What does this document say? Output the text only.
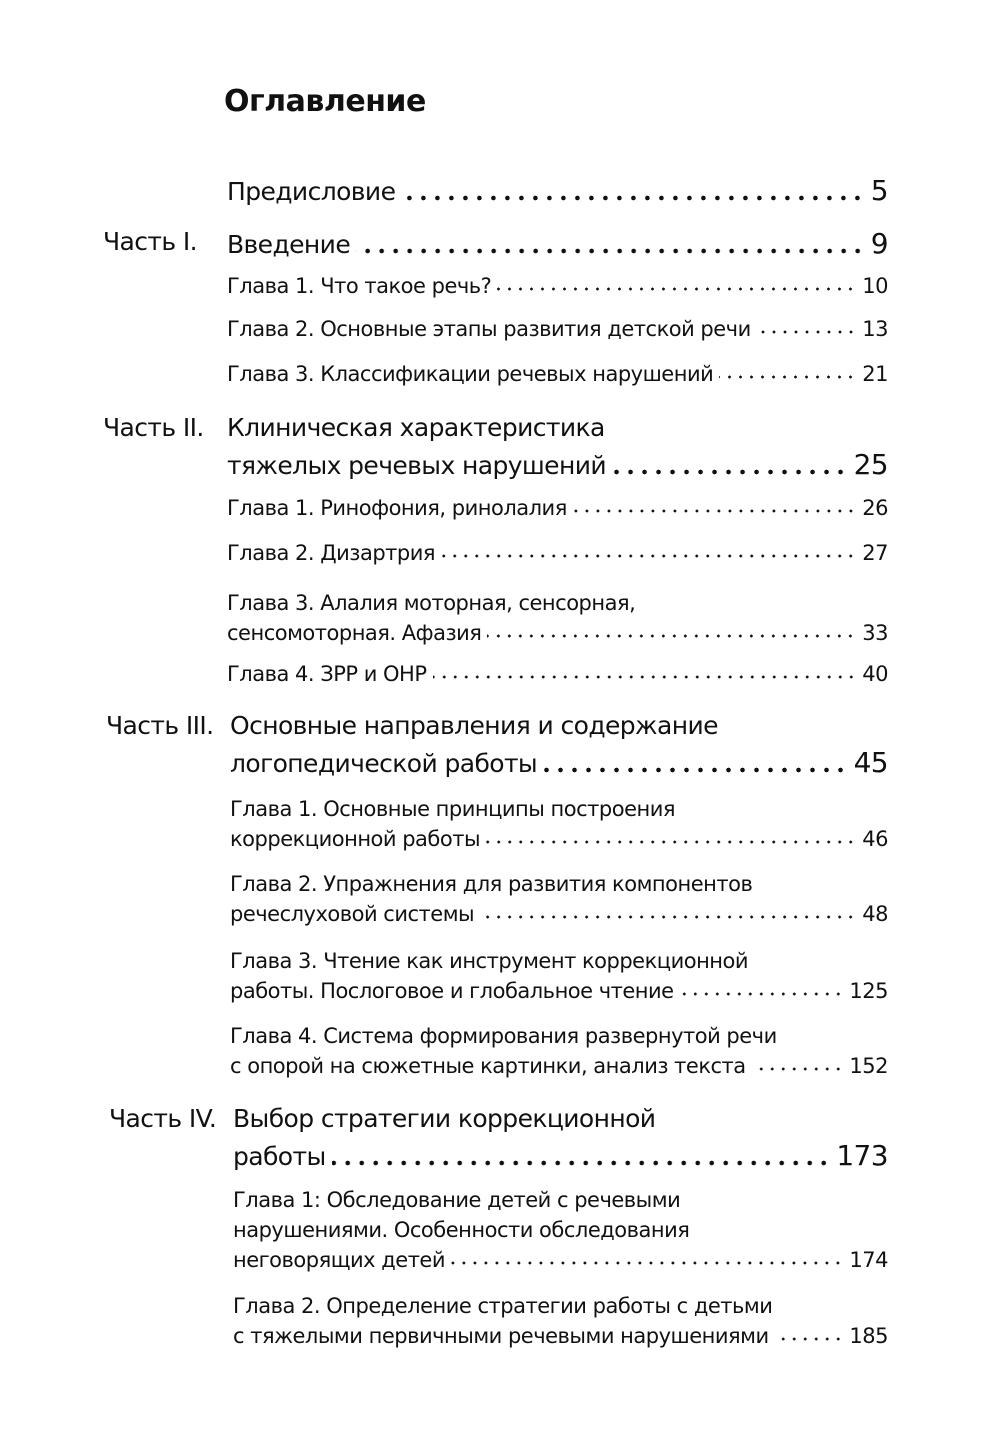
Оглавление
Предисловие	5
Часть I. Введение	9
Глава 1. Что такое речь?	10
Глава 2. Основные этапы развития детской речи	13
Глава 3. Классификации речевых нарушений	21
Часть II. Клиническая характеристика
тяжелых речевых нарушений	25
Глава 1. Ринофония, ринолалия	26
Глава 2. Дизартрия	27
Глава 3. Алалия моторная, сенсорная,
сенсомоторная. Афазия	33
Глава 4. ЗРР и ОНР	40
Часть III. Основные направления и содержание
логопедической работы	45
Глава 1. Основные принципы построения
коррекционной работы	46
Глава 2. Упражнения для развития компонентов
речеслуховой системы	48
Глава 3. Чтение как инструмент коррекционной
работы. Послоговое и глобальное чтение	125
Глава 4. Система формирования развернутой речи
с опорой на сюжетные картинки, анализ текста	152
Часть IV. Выбор стратегии коррекционной
работы	173
Глава 1: Обследование детей с речевыми
нарушениями. Особенности обследования
неговорящих детей	174
Глава 2. Определение стратегии работы с детьми
с тяжелыми первичными речевыми нарушениями	185
